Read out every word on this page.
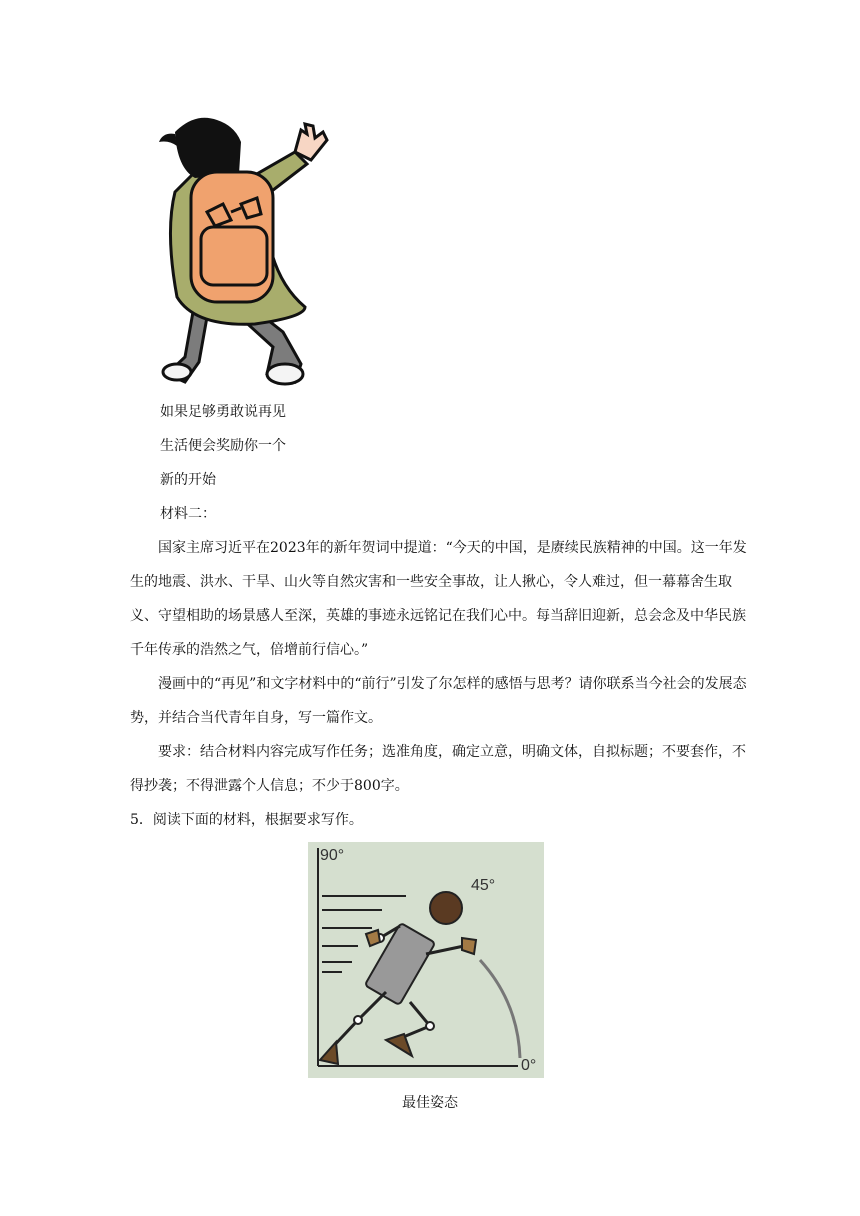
如果足够勇敢说再见
生活便会奖励你一个
新的开始
材料二：
国家主席习近平在2023年的新年贺词中提道：“今天的中国，是赓续民族精神的中国。这一年发生的地震、洪水、干旱、山火等自然灾害和一些安全事故，让人揪心，令人难过，但一幕幕舍生取义、守望相助的场景感人至深，英雄的事迹永远铭记在我们心中。每当辞旧迎新，总会念及中华民族千年传承的浩然之气，倍增前行信心。”
漫画中的“再见”和文字材料中的“前行”引发了尔怎样的感悟与思考？请你联系当今社会的发展态势，并结合当代青年自身，写一篇作文。
要求：结合材料内容完成写作任务；选准角度，确定立意，明确文体，自拟标题；不要套作，不得抄袭；不得泄露个人信息；不少于800字。
5．阅读下面的材料，根据要求写作。
90°
45°
0°
最佳姿态
